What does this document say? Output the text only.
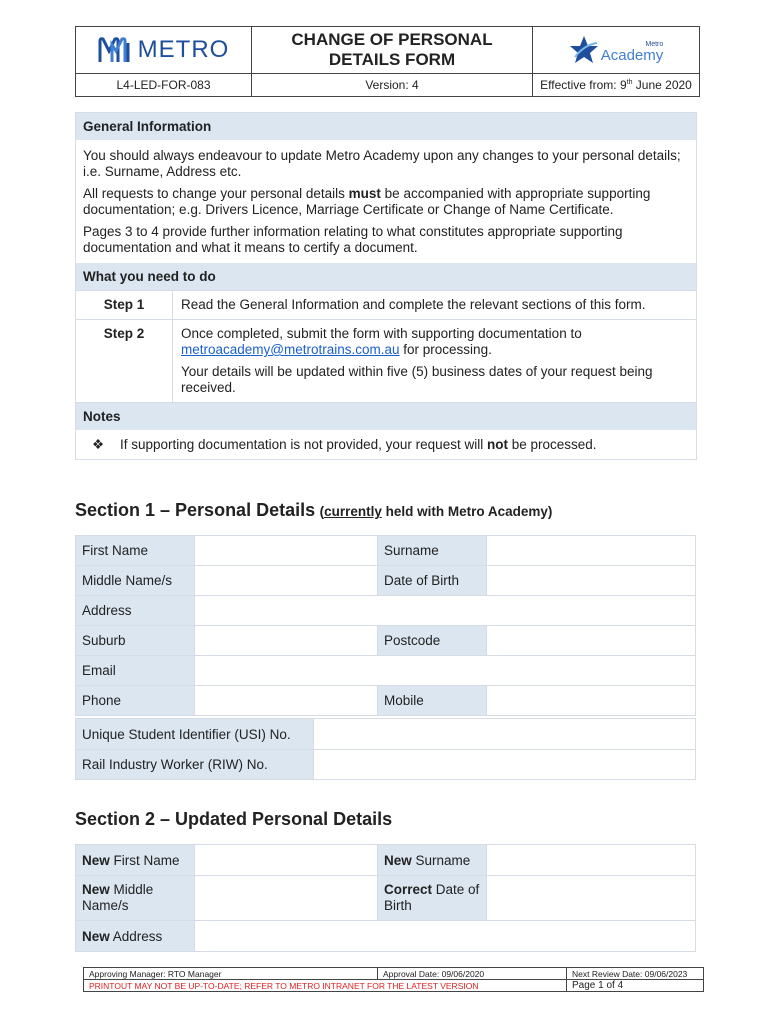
METRO	CHANGE OF PERSONAL DETAILS FORM	Metro
Academy

L4-LED-FOR-083	Version: 4	Effective from: 9th June 2020
General Information

You should always endeavour to update Metro Academy upon any changes to your personal details; i.e. Surname, Address etc.

All requests to change your personal details must be accompanied with appropriate supporting documentation; e.g. Drivers Licence, Marriage Certificate or Change of Name Certificate.

Pages 3 to 4 provide further information relating to what constitutes appropriate supporting documentation and what it means to certify a document.

What you need to do
Step 1	Read the General Information and complete the relevant sections of this form.
Step 2	Once completed, submit the form with supporting documentation to metroacademy@metrotrains.com.au for processing.
Your details will be updated within five (5) business dates of your request being received.
Notes
❖ If supporting documentation is not provided, your request will not be processed.
Section 1 – Personal Details (currently held with Metro Academy)
First Name		Surname	
Middle Name/s		Date of Birth	
Address			
Suburb		Postcode	
Email			
Phone		Mobile	
Unique Student Identifier (USI) No.	
Rail Industry Worker (RIW) No.	
Section 2 – Updated Personal Details
New First Name		New Surname	
New Middle Name/s		Correct Date of Birth	
New Address			
Approving Manager: RTO Manager	Approval Date: 09/06/2020	Next Review Date: 09/06/2023
PRINTOUT MAY NOT BE UP-TO-DATE; REFER TO METRO INTRANET FOR THE LATEST VERSION		Page 1 of 4
